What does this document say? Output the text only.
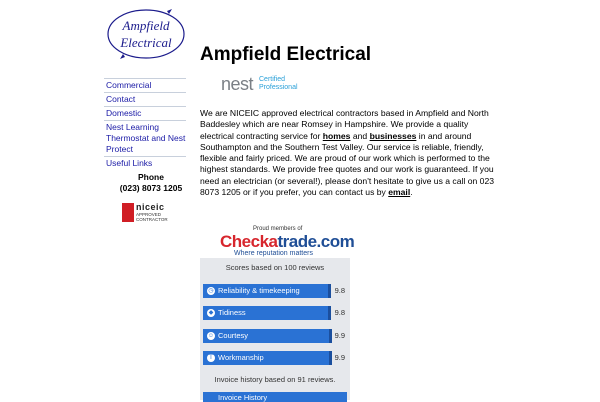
Ampfield
Electrical
Commercial
Contact
Domestic
Nest Learning Thermostat and Nest Protect
Useful Links
Phone
(023) 8073 1205
niceic
APPROVED
CONTRACTOR
Ampfield Electrical
nest Certified
Professional

We are NICEIC approved electrical contractors based in Ampfield and North Baddesley which are near Romsey in Hampshire. We provide a quality electrical contracting service for homes and businesses in and around Southampton and the Southern Test Valley. Our service is reliable, friendly, flexible and fairly priced. We are proud of our work which is performed to the highest standards. We provide free quotes and our work is guaranteed. If you need an electrician (or several!), please don't hesitate to give us a call on 023 8073 1205 or if you prefer, you can contact us by email.

Proud members of
Checkatrade.com
Where reputation matters
Scores based on 100 reviews
◷ Reliability & timekeeping	9.8
◆ Tidiness	9.8
☺ Courtesy	9.9
T Workmanship	9.9
Invoice history based on 91 reviews.
Invoice History
